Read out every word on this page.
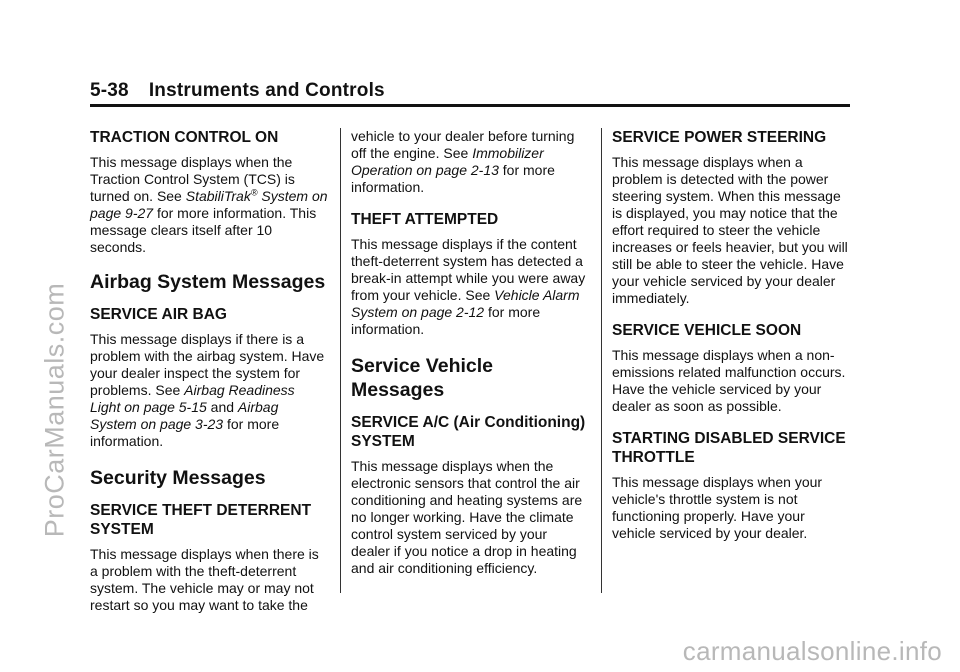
5-38 Instruments and Controls
TRACTION CONTROL ON

This message displays when the Traction Control System (TCS) is turned on. See StabiliTrak® System on page 9-27 for more information. This message clears itself after 10 seconds.

Airbag System Messages
SERVICE AIR BAG

This message displays if there is a problem with the airbag system. Have your dealer inspect the system for problems. See Airbag Readiness Light on page 5-15 and Airbag System on page 3-23 for more information.

Security Messages
SERVICE THEFT DETERRENT SYSTEM

This message displays when there is a problem with the theft-deterrent system. The vehicle may or may not restart so you may want to take the

vehicle to your dealer before turning off the engine. See Immobilizer Operation on page 2-13 for more information.

THEFT ATTEMPTED

This message displays if the content theft-deterrent system has detected a break-in attempt while you were away from your vehicle. See Vehicle Alarm System on page 2-12 for more information.

Service Vehicle Messages
SERVICE A/C (Air Conditioning) SYSTEM

This message displays when the electronic sensors that control the air conditioning and heating systems are no longer working. Have the climate control system serviced by your dealer if you notice a drop in heating and air conditioning efficiency.

SERVICE POWER STEERING

This message displays when a problem is detected with the power steering system. When this message is displayed, you may notice that the effort required to steer the vehicle increases or feels heavier, but you will still be able to steer the vehicle. Have your vehicle serviced by your dealer immediately.

SERVICE VEHICLE SOON

This message displays when a non-emissions related malfunction occurs. Have the vehicle serviced by your dealer as soon as possible.

STARTING DISABLED SERVICE THROTTLE

This message displays when your vehicle's throttle system is not functioning properly. Have your vehicle serviced by your dealer.

ProCarManuals.com
carmanualsonline.info
